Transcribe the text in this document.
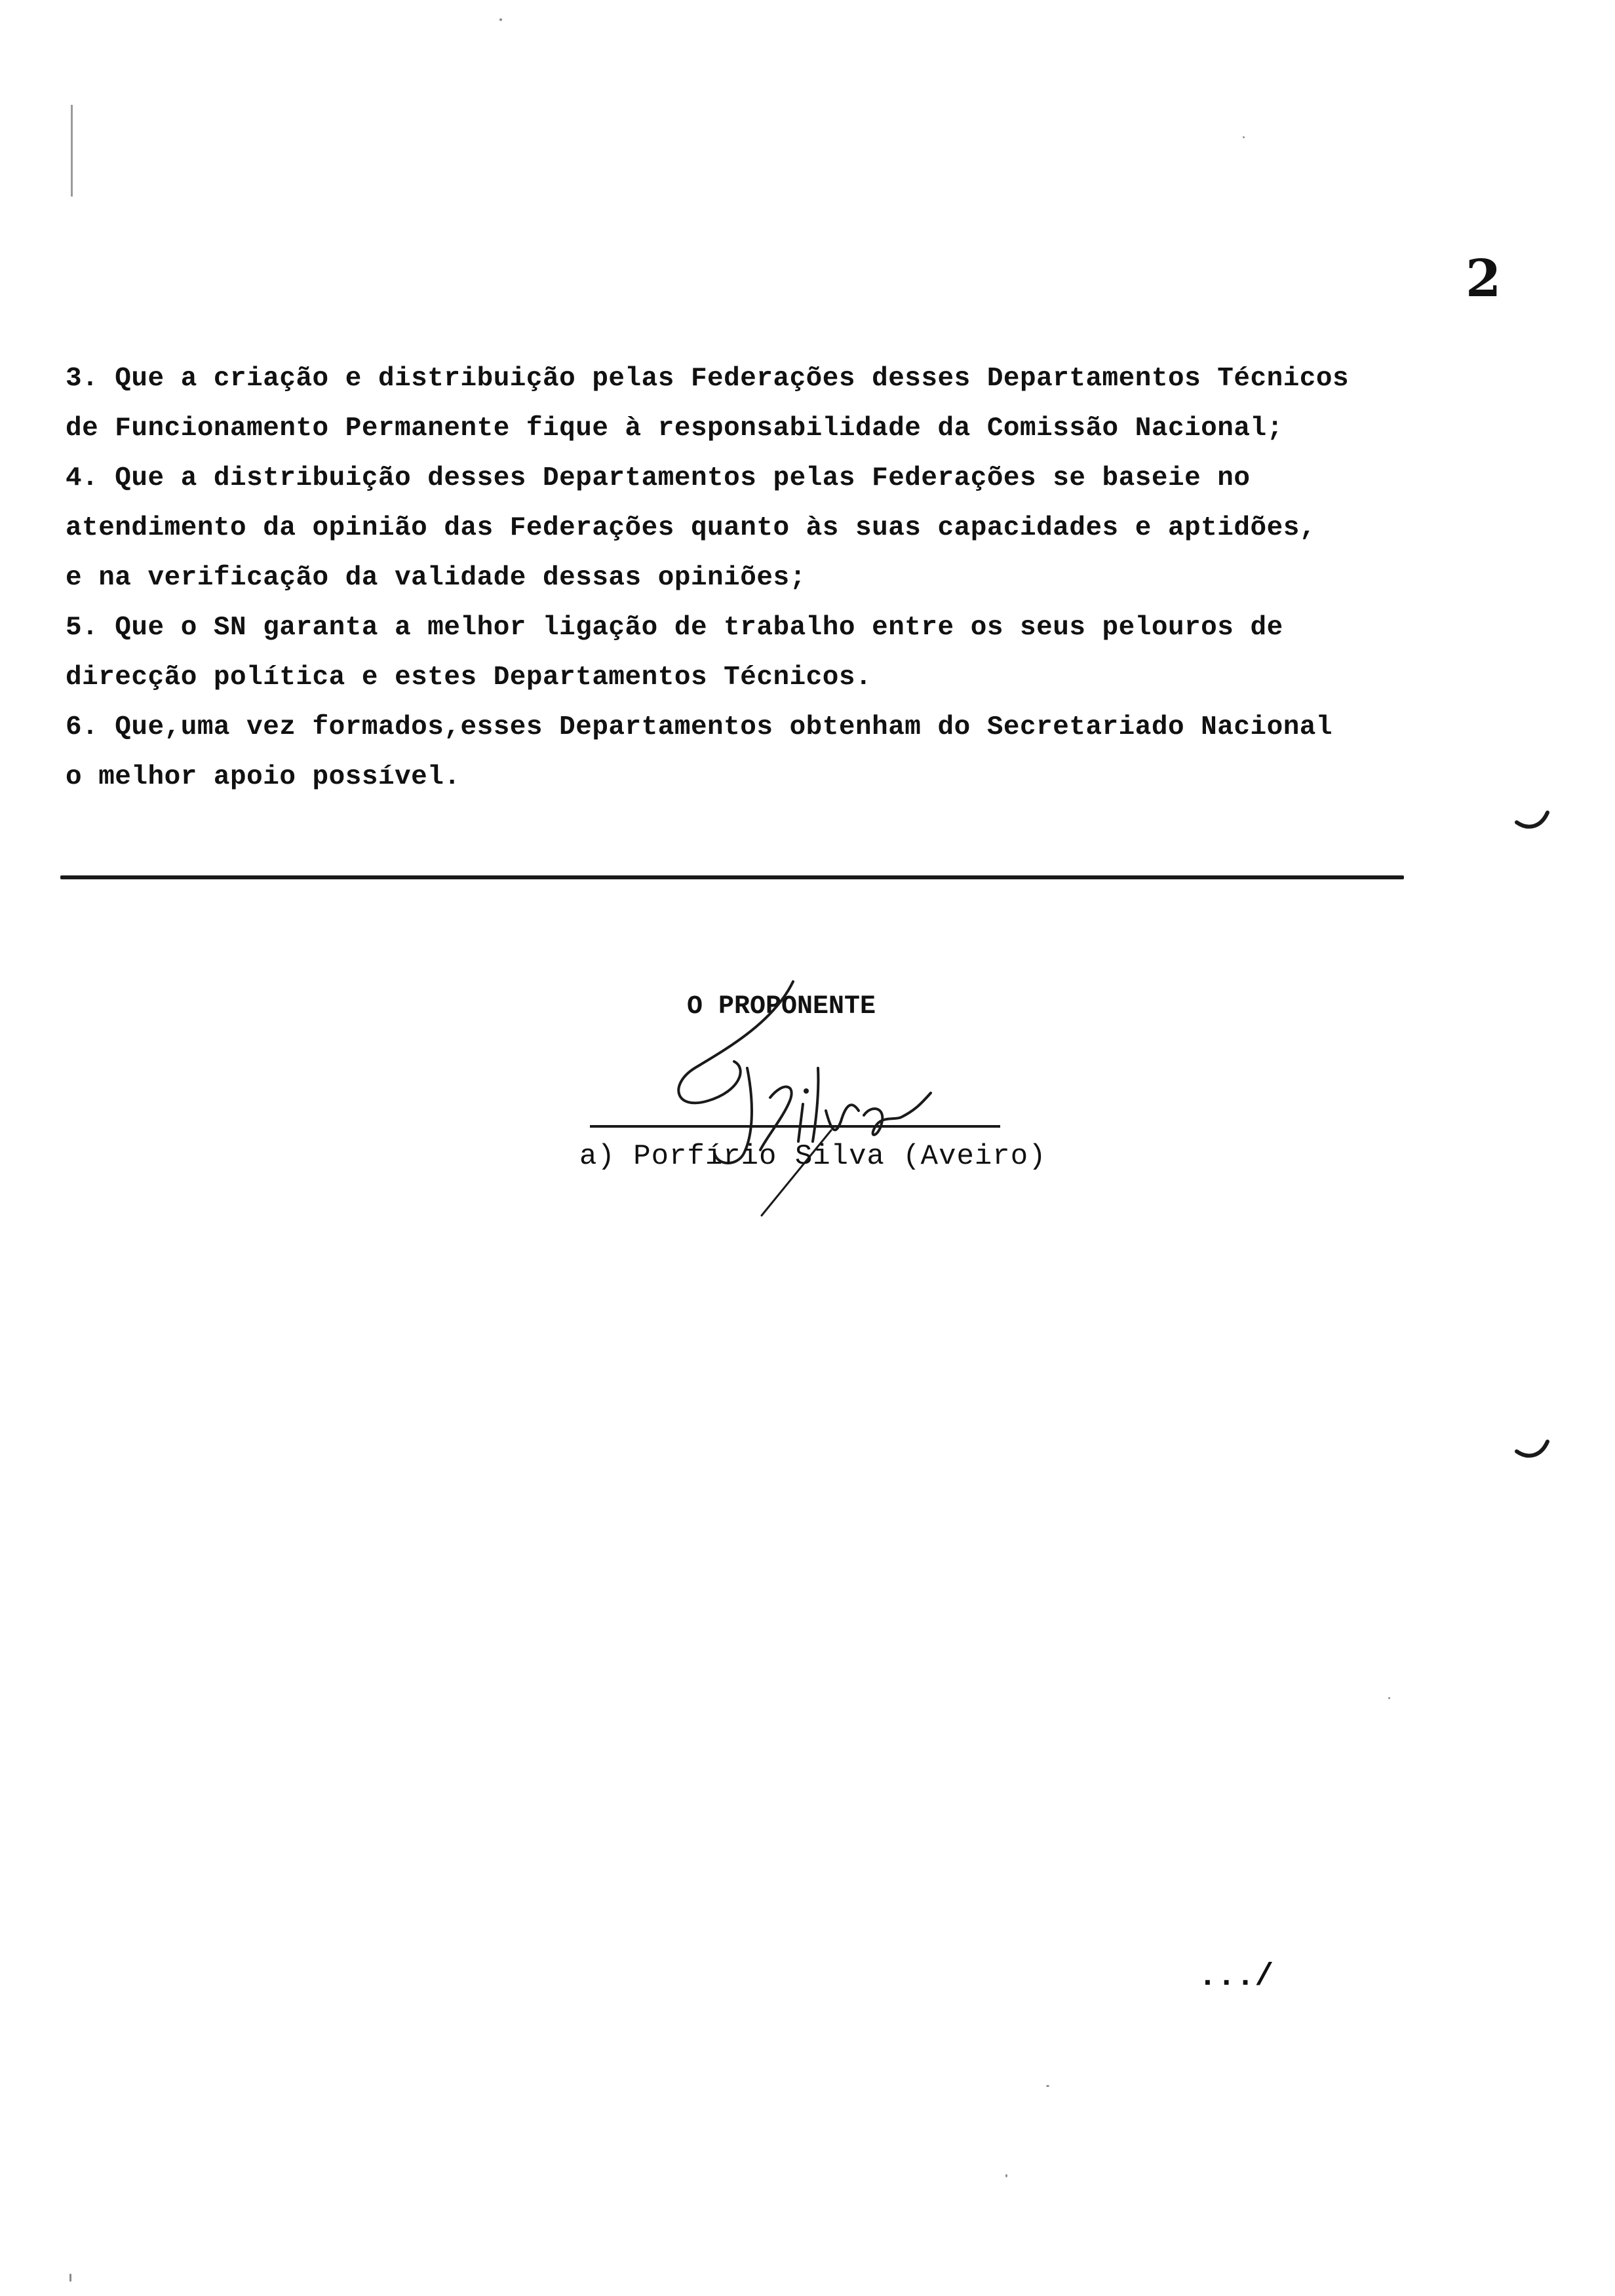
2
3. Que a criação e distribuição pelas Federações desses Departamentos Técnicos
de Funcionamento Permanente fique à responsabilidade da Comissão Nacional;
4. Que a distribuição desses Departamentos pelas Federações se baseie no
atendimento da opinião das Federações quanto às suas capacidades e aptidões,
e na verificação da validade dessas opiniões;
5. Que o SN garanta a melhor ligação de trabalho entre os seus pelouros de
direcção política e estes Departamentos Técnicos.
6. Que,uma vez formados,esses Departamentos obtenham do Secretariado Nacional
o melhor apoio possível.
O PROPONENTE
a) Porfírio Silva (Aveiro)
.../
